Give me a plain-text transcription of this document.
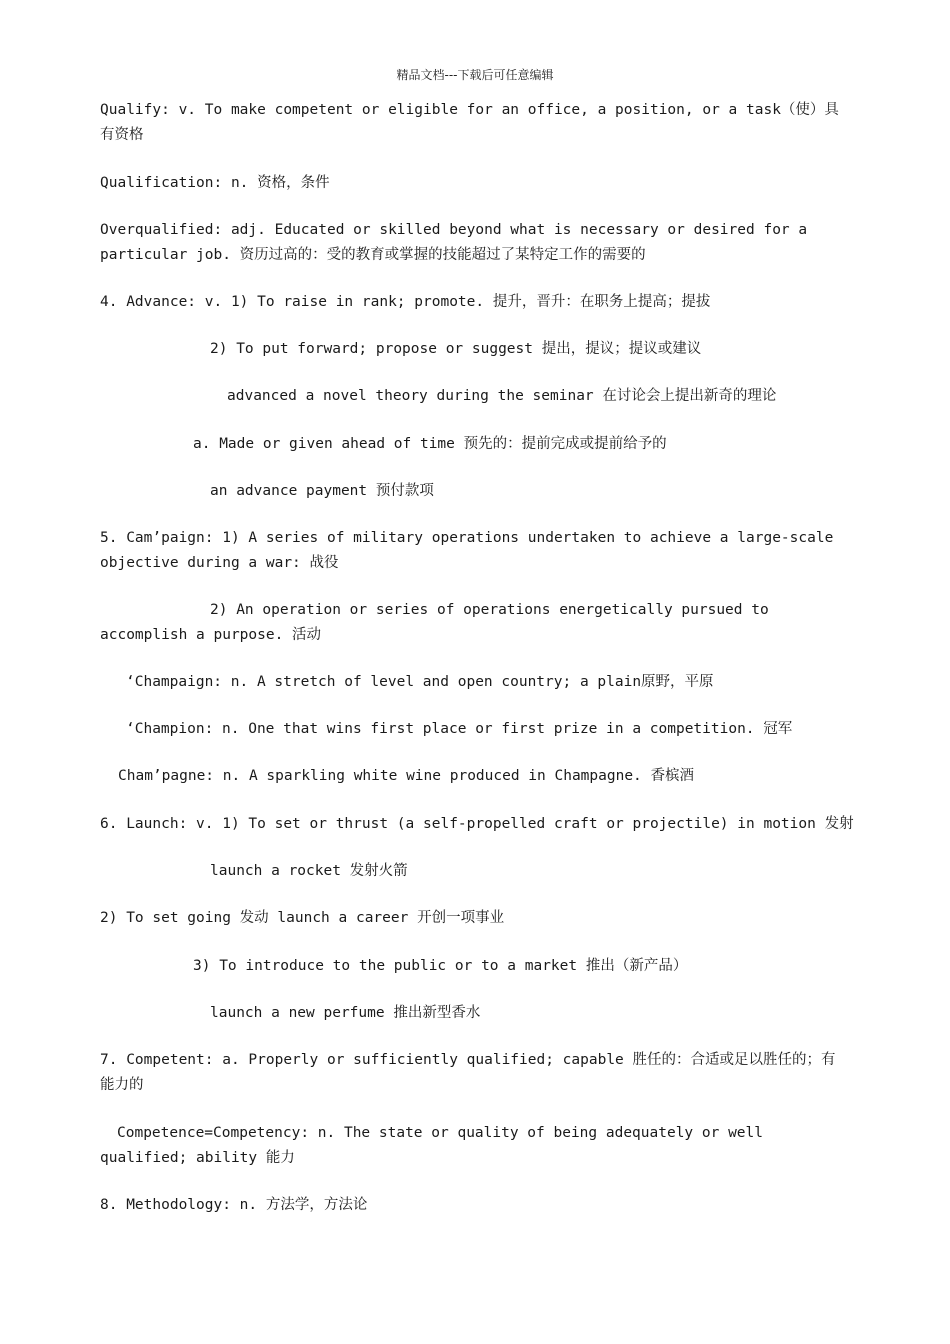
精品文档---下载后可任意编辑
Qualify: v. To make competent or eligible for an office, a position, or a task（使）具有资格
Qualification: n. 资格，条件
Overqualified: adj. Educated or skilled beyond what is necessary or desired for a particular job. 资历过高的：受的教育或掌握的技能超过了某特定工作的需要的
4. Advance: v. 1) To raise in rank; promote. 提升，晋升：在职务上提高；提拔
2) To put forward; propose or suggest 提出，提议；提议或建议
advanced a novel theory during the seminar 在讨论会上提出新奇的理论
a. Made or given ahead of time 预先的：提前完成或提前给予的
an advance payment 预付款项
5. Cam’paign: 1) A series of military operations undertaken to achieve a large-scale objective during a war: 战役
2) An operation or series of operations energetically pursued to accomplish a purpose. 活动
‘Champaign: n. A stretch of level and open country; a plain原野，平原
‘Champion: n. One that wins first place or first prize in a competition. 冠军
Cham’pagne: n. A sparkling white wine produced in Champagne. 香槟酒
6. Launch: v. 1) To set or thrust (a self-propelled craft or projectile) in motion 发射
launch a rocket 发射火箭
2) To set going 发动 launch a career 开创一项事业
3) To introduce to the public or to a market 推出（新产品）
launch a new perfume 推出新型香水
7. Competent: a. Properly or sufficiently qualified; capable 胜任的：合适或足以胜任的；有能力的
Competence=Competency: n. The state or quality of being adequately or well qualified; ability 能力
8. Methodology: n. 方法学，方法论
